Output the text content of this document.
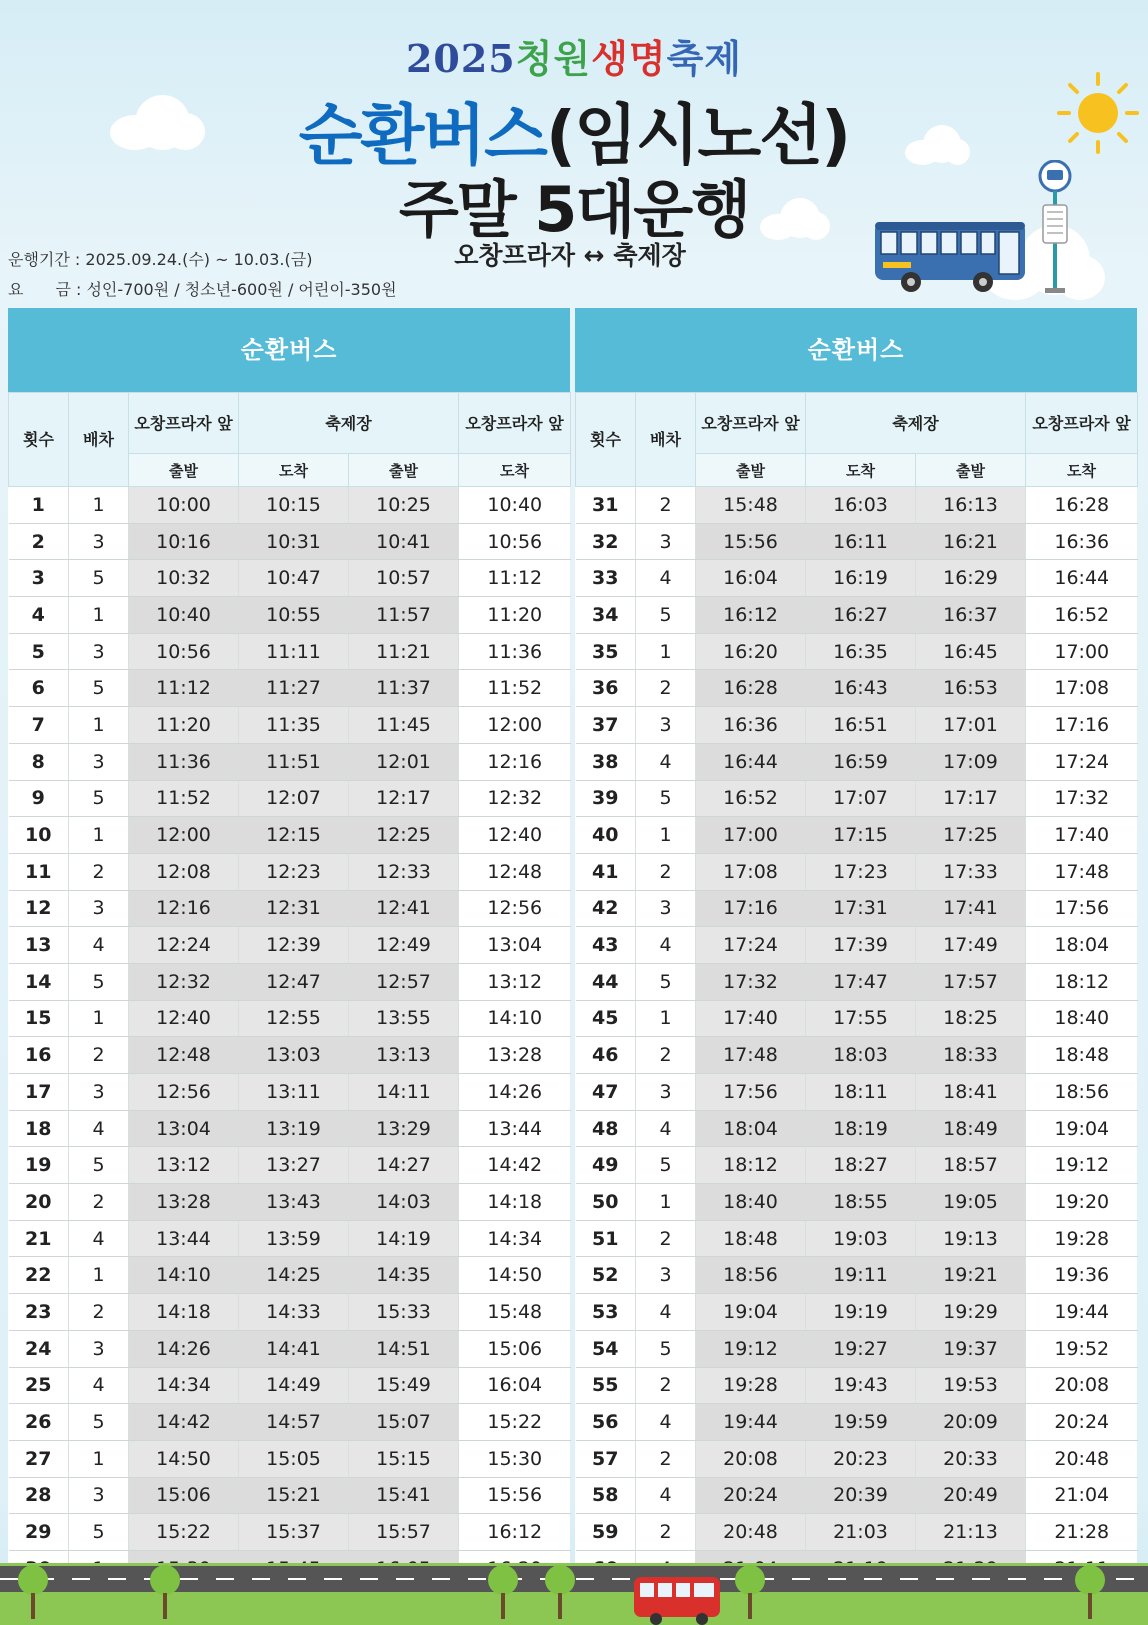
2025청원생명축제
순환버스(임시노선)
주말 5대운행
오창프라자 ↔ 축제장
운행기간 : 2025.09.24.(수) ~ 10.03.(금)
요　　금 : 성인-700원 / 청소년-600원 / 어린이-350원
순환버스
횟수	배차	오창프라자 앞	축제장		오창프라자 앞
		출발	도착	출발	도착
1	1	10:00	10:15	10:25	10:40
2	3	10:16	10:31	10:41	10:56
3	5	10:32	10:47	10:57	11:12
4	1	10:40	10:55	11:57	11:20
5	3	10:56	11:11	11:21	11:36
6	5	11:12	11:27	11:37	11:52
7	1	11:20	11:35	11:45	12:00
8	3	11:36	11:51	12:01	12:16
9	5	11:52	12:07	12:17	12:32
10	1	12:00	12:15	12:25	12:40
11	2	12:08	12:23	12:33	12:48
12	3	12:16	12:31	12:41	12:56
13	4	12:24	12:39	12:49	13:04
14	5	12:32	12:47	12:57	13:12
15	1	12:40	12:55	13:55	14:10
16	2	12:48	13:03	13:13	13:28
17	3	12:56	13:11	14:11	14:26
18	4	13:04	13:19	13:29	13:44
19	5	13:12	13:27	14:27	14:42
20	2	13:28	13:43	14:03	14:18
21	4	13:44	13:59	14:19	14:34
22	1	14:10	14:25	14:35	14:50
23	2	14:18	14:33	15:33	15:48
24	3	14:26	14:41	14:51	15:06
25	4	14:34	14:49	15:49	16:04
26	5	14:42	14:57	15:07	15:22
27	1	14:50	15:05	15:15	15:30
28	3	15:06	15:21	15:41	15:56
29	5	15:22	15:37	15:57	16:12

순환버스
횟수	배차	오창프라자 앞	축제장		오창프라자 앞
		출발	도착	출발	도착
31	2	15:48	16:03	16:13	16:28
32	3	15:56	16:11	16:21	16:36
33	4	16:04	16:19	16:29	16:44
34	5	16:12	16:27	16:37	16:52
35	1	16:20	16:35	16:45	17:00
36	2	16:28	16:43	16:53	17:08
37	3	16:36	16:51	17:01	17:16
38	4	16:44	16:59	17:09	17:24
39	5	16:52	17:07	17:17	17:32
40	1	17:00	17:15	17:25	17:40
41	2	17:08	17:23	17:33	17:48
42	3	17:16	17:31	17:41	17:56
43	4	17:24	17:39	17:49	18:04
44	5	17:32	17:47	17:57	18:12
45	1	17:40	17:55	18:25	18:40
46	2	17:48	18:03	18:33	18:48
47	3	17:56	18:11	18:41	18:56
48	4	18:04	18:19	18:49	19:04
49	5	18:12	18:27	18:57	19:12
50	1	18:40	18:55	19:05	19:20
51	2	18:48	19:03	19:13	19:28
52	3	18:56	19:11	19:21	19:36
53	4	19:04	19:19	19:29	19:44
54	5	19:12	19:27	19:37	19:52
55	2	19:28	19:43	19:53	20:08
56	4	19:44	19:59	20:09	20:24
57	2	20:08	20:23	20:33	20:48
58	4	20:24	20:39	20:49	21:04
59	2	20:48	21:03	21:13	21:28
